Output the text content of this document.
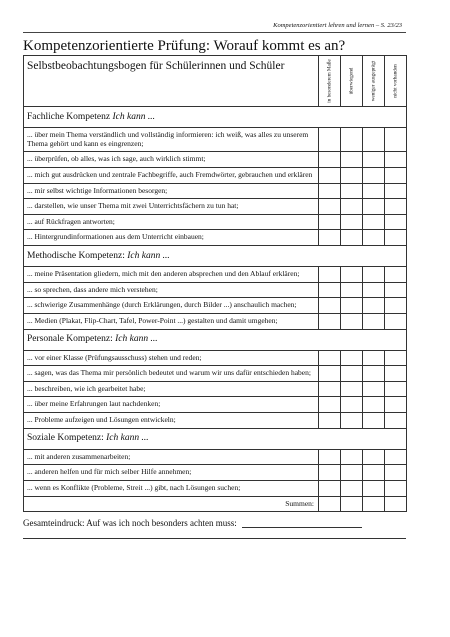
Kompetenzorientiert lehren und lernen – S. 23/23
Kompetenzorientierte Prüfung: Worauf kommt es an?
Selbstbeobachtungsbogen für Schülerinnen und Schüler	in besonderem Maße	überwiegend	weniger ausgeprägt	nicht vorhanden

Fachliche Kompetenz Ich kann ...				
... über mein Thema verständlich und vollständig informieren: ich weiß, was alles zu unserem Thema gehört und kann es eingrenzen;				
... überprüfen, ob alles, was ich sage, auch wirklich stimmt;				
... mich gut ausdrücken und zentrale Fachbegriffe, auch Fremdwörter, gebrauchen und erklären				
... mir selbst wichtige Informationen besorgen;				
... darstellen, wie unser Thema mit zwei Unterrichtsfächern zu tun hat;				
... auf Rückfragen antworten;				
... Hintergrundinformationen aus dem Unterricht einbauen;				
Methodische Kompetenz: Ich kann ...				
... meine Präsentation gliedern, mich mit den anderen absprechen und den Ablauf erklären;				
... so sprechen, dass andere mich verstehen;				
... schwierige Zusammenhänge (durch Erklärungen, durch Bilder ...) anschaulich machen;				
... Medien (Plakat, Flip-Chart, Tafel, Power-Point ...) gestalten und damit umgehen;				
Personale Kompetenz: Ich kann ...				
... vor einer Klasse (Prüfungsausschuss) stehen und reden;				
... sagen, was das Thema mir persönlich bedeutet und warum wir uns dafür entschieden haben;				
... beschreiben, wie ich gearbeitet habe;				
... über meine Erfahrungen laut nachdenken;				
... Probleme aufzeigen und Lösungen entwickeln;				
Soziale Kompetenz: Ich kann ...				
... mit anderen zusammenarbeiten;				
... anderen helfen und für mich selber Hilfe annehmen;				
... wenn es Konflikte (Probleme, Streit ...) gibt, nach Lösungen suchen;				
Summen:				
Gesamteindruck: Auf was ich noch besonders achten muss:
